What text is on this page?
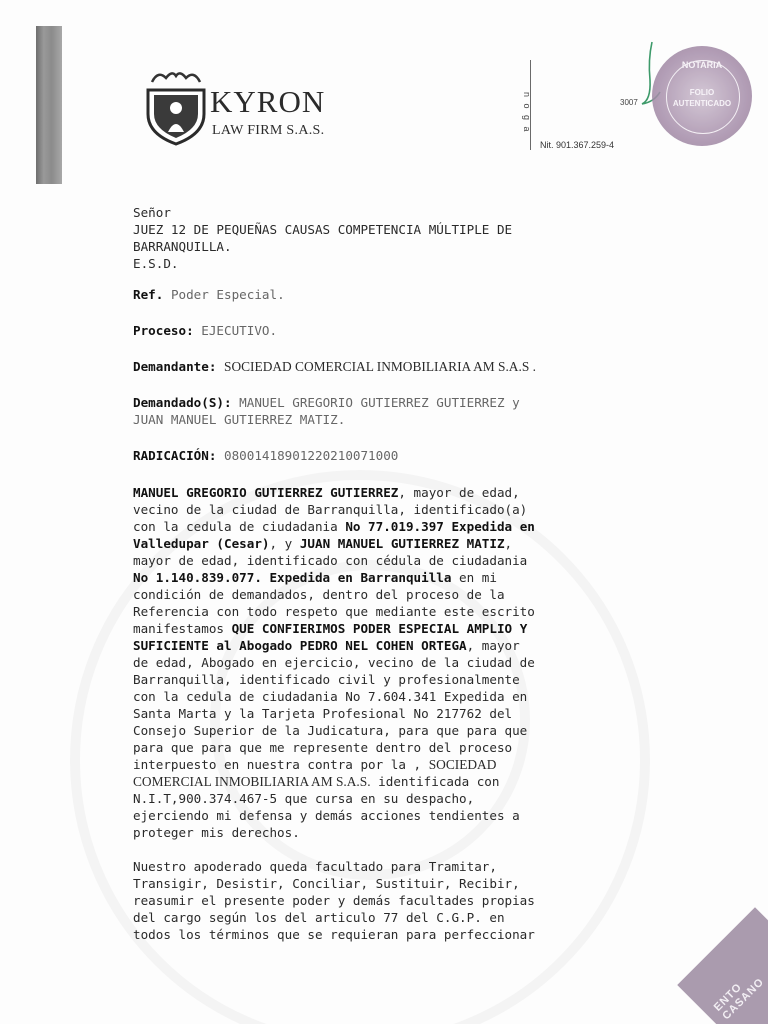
KYRON
LAW FIRM S.A.S.	n o g a
Nit. 901.367.259-4
3007
NOTARIA
FOLIO
AUTENTICADO
ENTO CASANO
Señor
JUEZ 12 DE PEQUEÑAS CAUSAS COMPETENCIA MÚLTIPLE DE
BARRANQUILLA.
E.S.D.
Ref. Poder Especial.
Proceso: EJECUTIVO.
Demandante: SOCIEDAD COMERCIAL INMOBILIARIA AM S.A.S .
Demandado(S): MANUEL GREGORIO GUTIERREZ GUTIERREZ y
JUAN MANUEL GUTIERREZ MATIZ.
RADICACIÓN: 08001418901220210071000
MANUEL GREGORIO GUTIERREZ GUTIERREZ, mayor de edad,
vecino de la ciudad de Barranquilla, identificado(a)
con la cedula de ciudadania No 77.019.397 Expedida en
Valledupar (Cesar), y JUAN MANUEL GUTIERREZ MATIZ,
mayor de edad, identificado con cédula de ciudadania
No 1.140.839.077. Expedida en Barranquilla en mi
condición de demandados, dentro del proceso de la
Referencia con todo respeto que mediante este escrito
manifestamos QUE CONFIERIMOS PODER ESPECIAL AMPLIO Y
SUFICIENTE al Abogado PEDRO NEL COHEN ORTEGA, mayor
de edad, Abogado en ejercicio, vecino de la ciudad de
Barranquilla, identificado civil y profesionalmente
con la cedula de ciudadania No 7.604.341 Expedida en
Santa Marta y la Tarjeta Profesional No 217762 del
Consejo Superior de la Judicatura, para que para que
para que para que me represente dentro del proceso
interpuesto en nuestra contra por la , SOCIEDAD
COMERCIAL INMOBILIARIA AM S.A.S. identificada con
N.I.T,900.374.467-5 que cursa en su despacho,
ejerciendo mi defensa y demás acciones tendientes a
proteger mis derechos.
Nuestro apoderado queda facultado para Tramitar,
Transigir, Desistir, Conciliar, Sustituir, Recibir,
reasumir el presente poder y demás facultades propias
del cargo según los del articulo 77 del C.G.P. en
todos los términos que se requieran para perfeccionar
